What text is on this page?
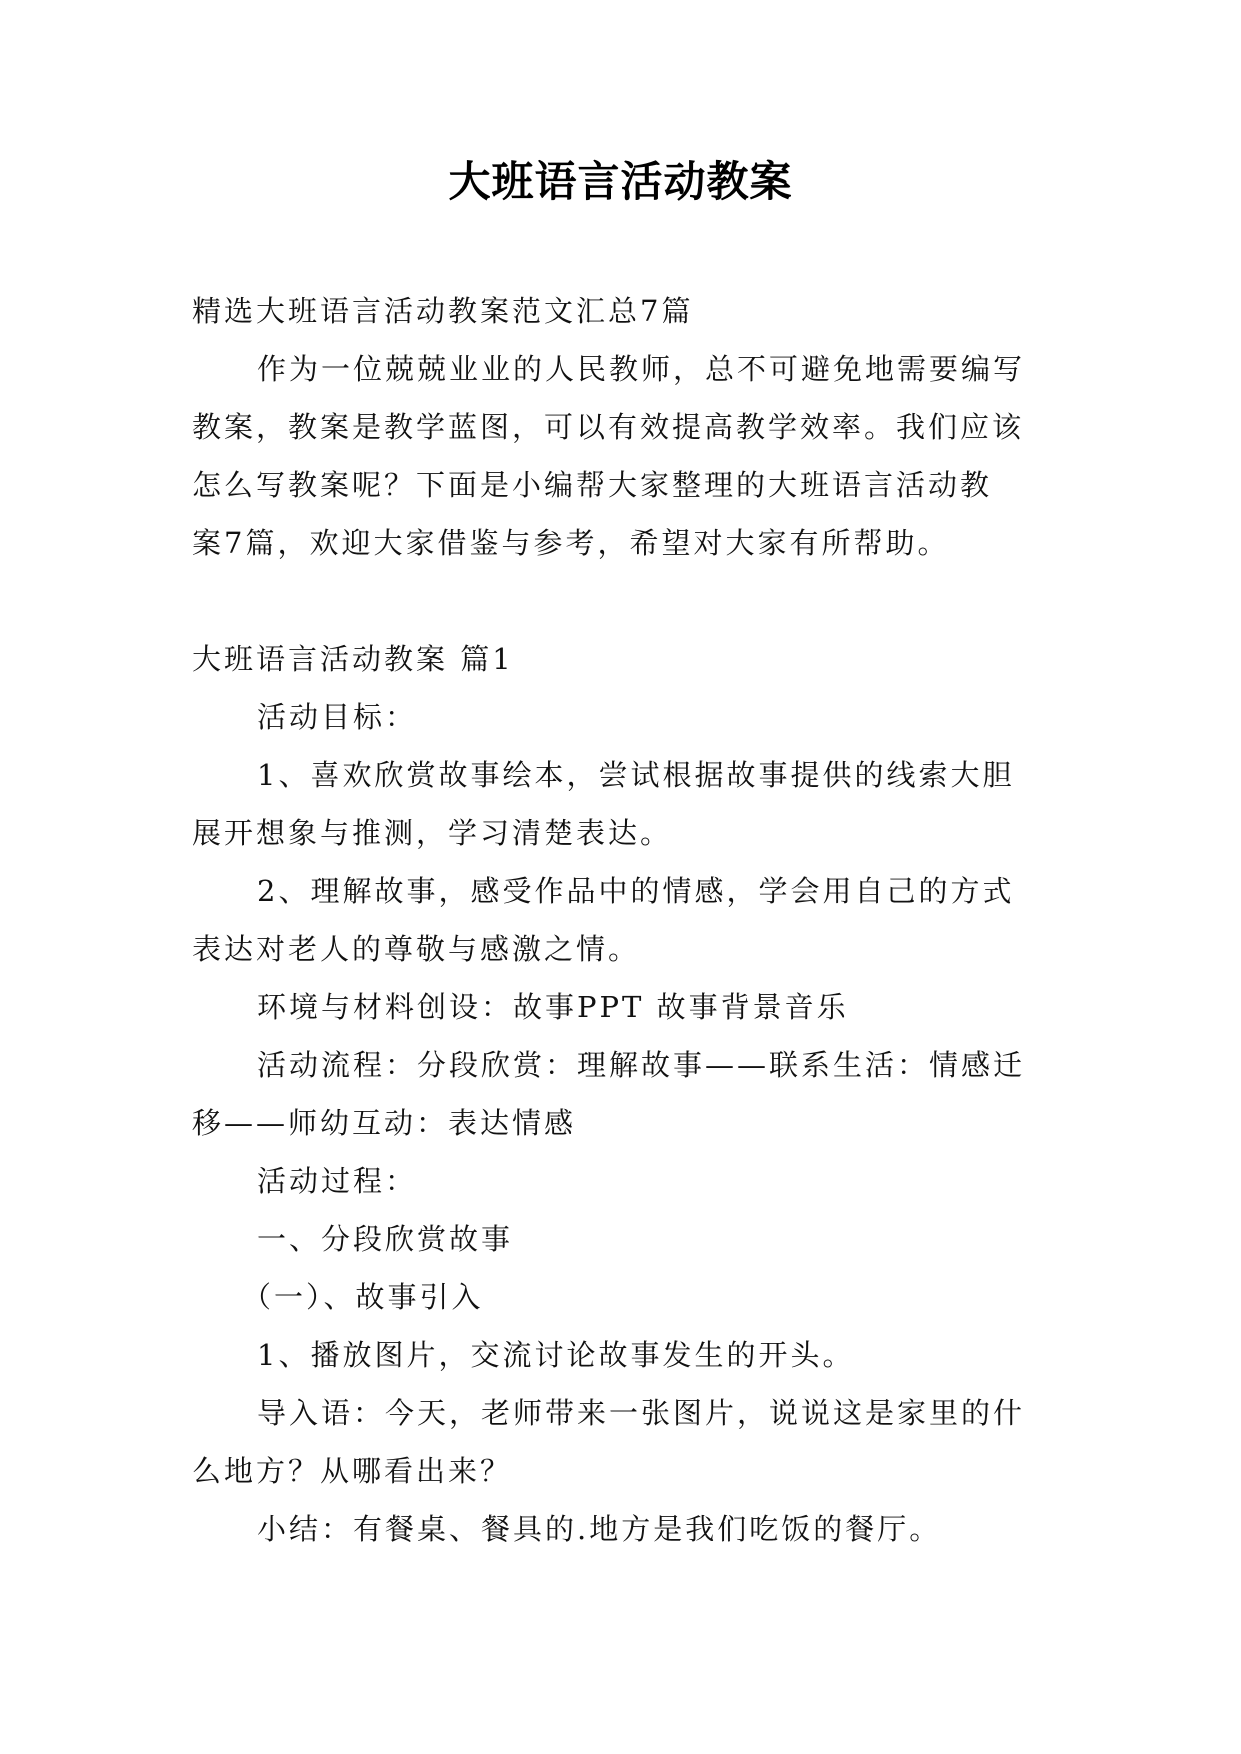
大班语言活动教案

精选大班语言活动教案范文汇总7篇

作为一位兢兢业业的人民教师，总不可避免地需要编写

教案，教案是教学蓝图，可以有效提高教学效率。我们应该

怎么写教案呢？下面是小编帮大家整理的大班语言活动教

案7篇，欢迎大家借鉴与参考，希望对大家有所帮助。

大班语言活动教案 篇1

活动目标：

1、喜欢欣赏故事绘本，尝试根据故事提供的线索大胆

展开想象与推测，学习清楚表达。

2、理解故事，感受作品中的情感，学会用自己的方式

表达对老人的尊敬与感激之情。

环境与材料创设：故事PPT 故事背景音乐

活动流程：分段欣赏：理解故事——联系生活：情感迁

移——师幼互动：表达情感

活动过程：

一、分段欣赏故事

（一）、故事引入

1、播放图片，交流讨论故事发生的开头。

导入语：今天，老师带来一张图片，说说这是家里的什

么地方？从哪看出来？

小结：有餐桌、餐具的.地方是我们吃饭的餐厅。
